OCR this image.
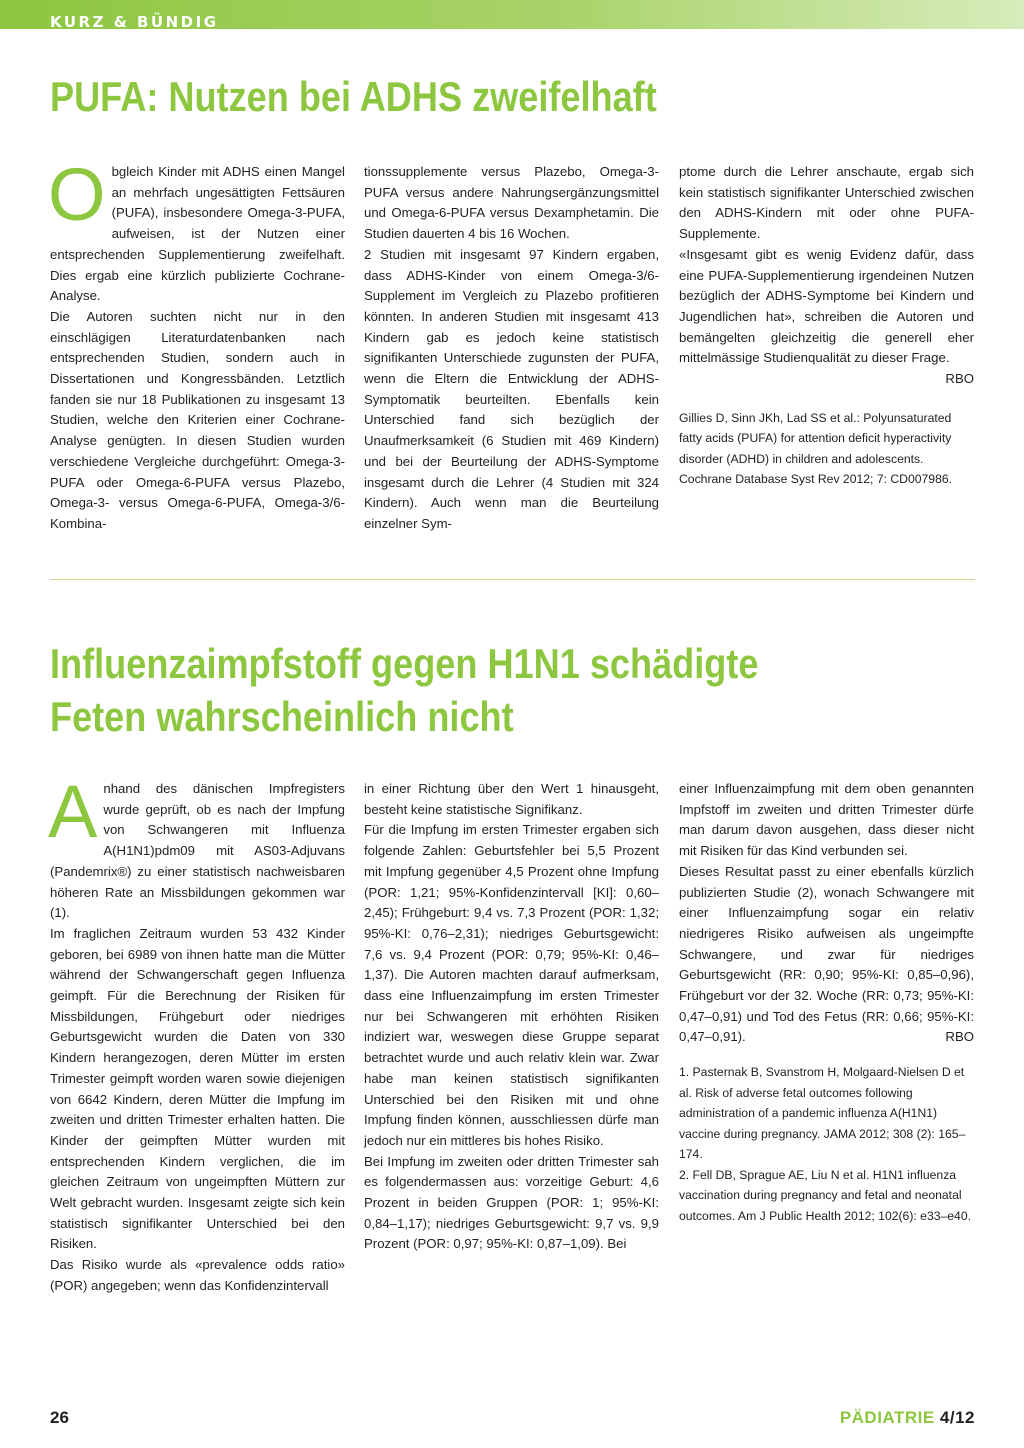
KURZ & BÜNDIG
PUFA: Nutzen bei ADHS zweifelhaft
O bgleich Kinder mit ADHS einen Mangel an mehrfach ungesättigten Fettsäuren (PUFA), insbesondere Omega-3-PUFA, aufweisen, ist der Nutzen einer entsprechenden Supplementierung zweifelhaft. Dies ergab eine kürzlich publizierte Cochrane-Analyse.

Die Autoren suchten nicht nur in den einschlägigen Literaturdatenbanken nach entsprechenden Studien, sondern auch in Dissertationen und Kongressbänden. Letztlich fanden sie nur 18 Publikationen zu insgesamt 13 Studien, welche den Kriterien einer Cochrane-Analyse genügten. In diesen Studien wurden verschiedene Vergleiche durchgeführt: Omega-3-PUFA oder Omega-6-PUFA versus Plazebo, Omega-3- versus Omega-6-PUFA, Omega-3/6-Kombina-

tionssupplemente versus Plazebo, Omega-3-PUFA versus andere Nahrungsergänzungsmittel und Omega-6-PUFA versus Dexamphetamin. Die Studien dauerten 4 bis 16 Wochen.

2 Studien mit insgesamt 97 Kindern ergaben, dass ADHS-Kinder von einem Omega-3/6-Supplement im Vergleich zu Plazebo profitieren könnten. In anderen Studien mit insgesamt 413 Kindern gab es jedoch keine statistisch signifikanten Unterschiede zugunsten der PUFA, wenn die Eltern die Entwicklung der ADHS-Symptomatik beurteilten. Ebenfalls kein Unterschied fand sich bezüglich der Unaufmerksamkeit (6 Studien mit 469 Kindern) und bei der Beurteilung der ADHS-Symptome insgesamt durch die Lehrer (4 Studien mit 324 Kindern). Auch wenn man die Beurteilung einzelner Sym-

ptome durch die Lehrer anschaute, ergab sich kein statistisch signifikanter Unterschied zwischen den ADHS-Kindern mit oder ohne PUFA-Supplemente.

«Insgesamt gibt es wenig Evidenz dafür, dass eine PUFA-Supplementierung irgendeinen Nutzen bezüglich der ADHS-Symptome bei Kindern und Jugendlichen hat», schreiben die Autoren und bemängelten gleichzeitig die generell eher mittelmässige Studienqualität zu dieser Frage.

RBO

Gillies D, Sinn JKh, Lad SS et al.: Polyunsaturated fatty acids (PUFA) for attention deficit hyperactivity disorder (ADHD) in children and adolescents. Cochrane Database Syst Rev 2012; 7: CD007986.

Influenzaimpfstoff gegen H1N1 schädigte
Feten wahrscheinlich nicht
A nhand des dänischen Impfregisters wurde geprüft, ob es nach der Impfung von Schwangeren mit Influenza A(H1N1)pdm09 mit AS03-Adjuvans (Pandemrix®) zu einer statistisch nachweisbaren höheren Rate an Missbildungen gekommen war (1).

Im fraglichen Zeitraum wurden 53 432 Kinder geboren, bei 6989 von ihnen hatte man die Mütter während der Schwangerschaft gegen Influenza geimpft. Für die Berechnung der Risiken für Missbildungen, Frühgeburt oder niedriges Geburtsgewicht wurden die Daten von 330 Kindern herangezogen, deren Mütter im ersten Trimester geimpft worden waren sowie diejenigen von 6642 Kindern, deren Mütter die Impfung im zweiten und dritten Trimester erhalten hatten. Die Kinder der geimpften Mütter wurden mit entsprechenden Kindern verglichen, die im gleichen Zeitraum von ungeimpften Müttern zur Welt gebracht wurden. Insgesamt zeigte sich kein statistisch signifikanter Unterschied bei den Risiken.

Das Risiko wurde als «prevalence odds ratio» (POR) angegeben; wenn das Konfidenzintervall

in einer Richtung über den Wert 1 hinausgeht, besteht keine statistische Signifikanz.

Für die Impfung im ersten Trimester ergaben sich folgende Zahlen: Geburtsfehler bei 5,5 Prozent mit Impfung gegenüber 4,5 Prozent ohne Impfung (POR: 1,21; 95%-Konfidenzintervall [KI]: 0,60–2,45); Frühgeburt: 9,4 vs. 7,3 Prozent (POR: 1,32; 95%-KI: 0,76–2,31); niedriges Geburtsgewicht: 7,6 vs. 9,4 Prozent (POR: 0,79; 95%-KI: 0,46–1,37). Die Autoren machten darauf aufmerksam, dass eine Influenzaimpfung im ersten Trimester nur bei Schwangeren mit erhöhten Risiken indiziert war, weswegen diese Gruppe separat betrachtet wurde und auch relativ klein war. Zwar habe man keinen statistisch signifikanten Unterschied bei den Risiken mit und ohne Impfung finden können, ausschliessen dürfe man jedoch nur ein mittleres bis hohes Risiko.

Bei Impfung im zweiten oder dritten Trimester sah es folgendermassen aus: vorzeitige Geburt: 4,6 Prozent in beiden Gruppen (POR: 1; 95%-KI: 0,84–1,17); niedriges Geburtsgewicht: 9,7 vs. 9,9 Prozent (POR: 0,97; 95%-KI: 0,87–1,09). Bei

einer Influenzaimpfung mit dem oben genannten Impfstoff im zweiten und dritten Trimester dürfe man darum davon ausgehen, dass dieser nicht mit Risiken für das Kind verbunden sei.

Dieses Resultat passt zu einer ebenfalls kürzlich publizierten Studie (2), wonach Schwangere mit einer Influenzaimpfung sogar ein relativ niedrigeres Risiko aufweisen als ungeimpfte Schwangere, und zwar für niedriges Geburtsgewicht (RR: 0,90; 95%-KI: 0,85–0,96), Frühgeburt vor der 32. Woche (RR: 0,73; 95%-KI: 0,47–0,91) und Tod des Fetus (RR: 0,66; 95%-KI: 0,47–0,91).	RBO

1. Pasternak B, Svanstrom H, Molgaard-Nielsen D et al. Risk of adverse fetal outcomes following administration of a pandemic influenza A(H1N1) vaccine during pregnancy. JAMA 2012; 308 (2): 165–174.

2. Fell DB, Sprague AE, Liu N et al. H1N1 influenza vaccination during pregnancy and fetal and neonatal outcomes. Am J Public Health 2012; 102(6): e33–e40.

26	PÄDIATRIE 4/12
